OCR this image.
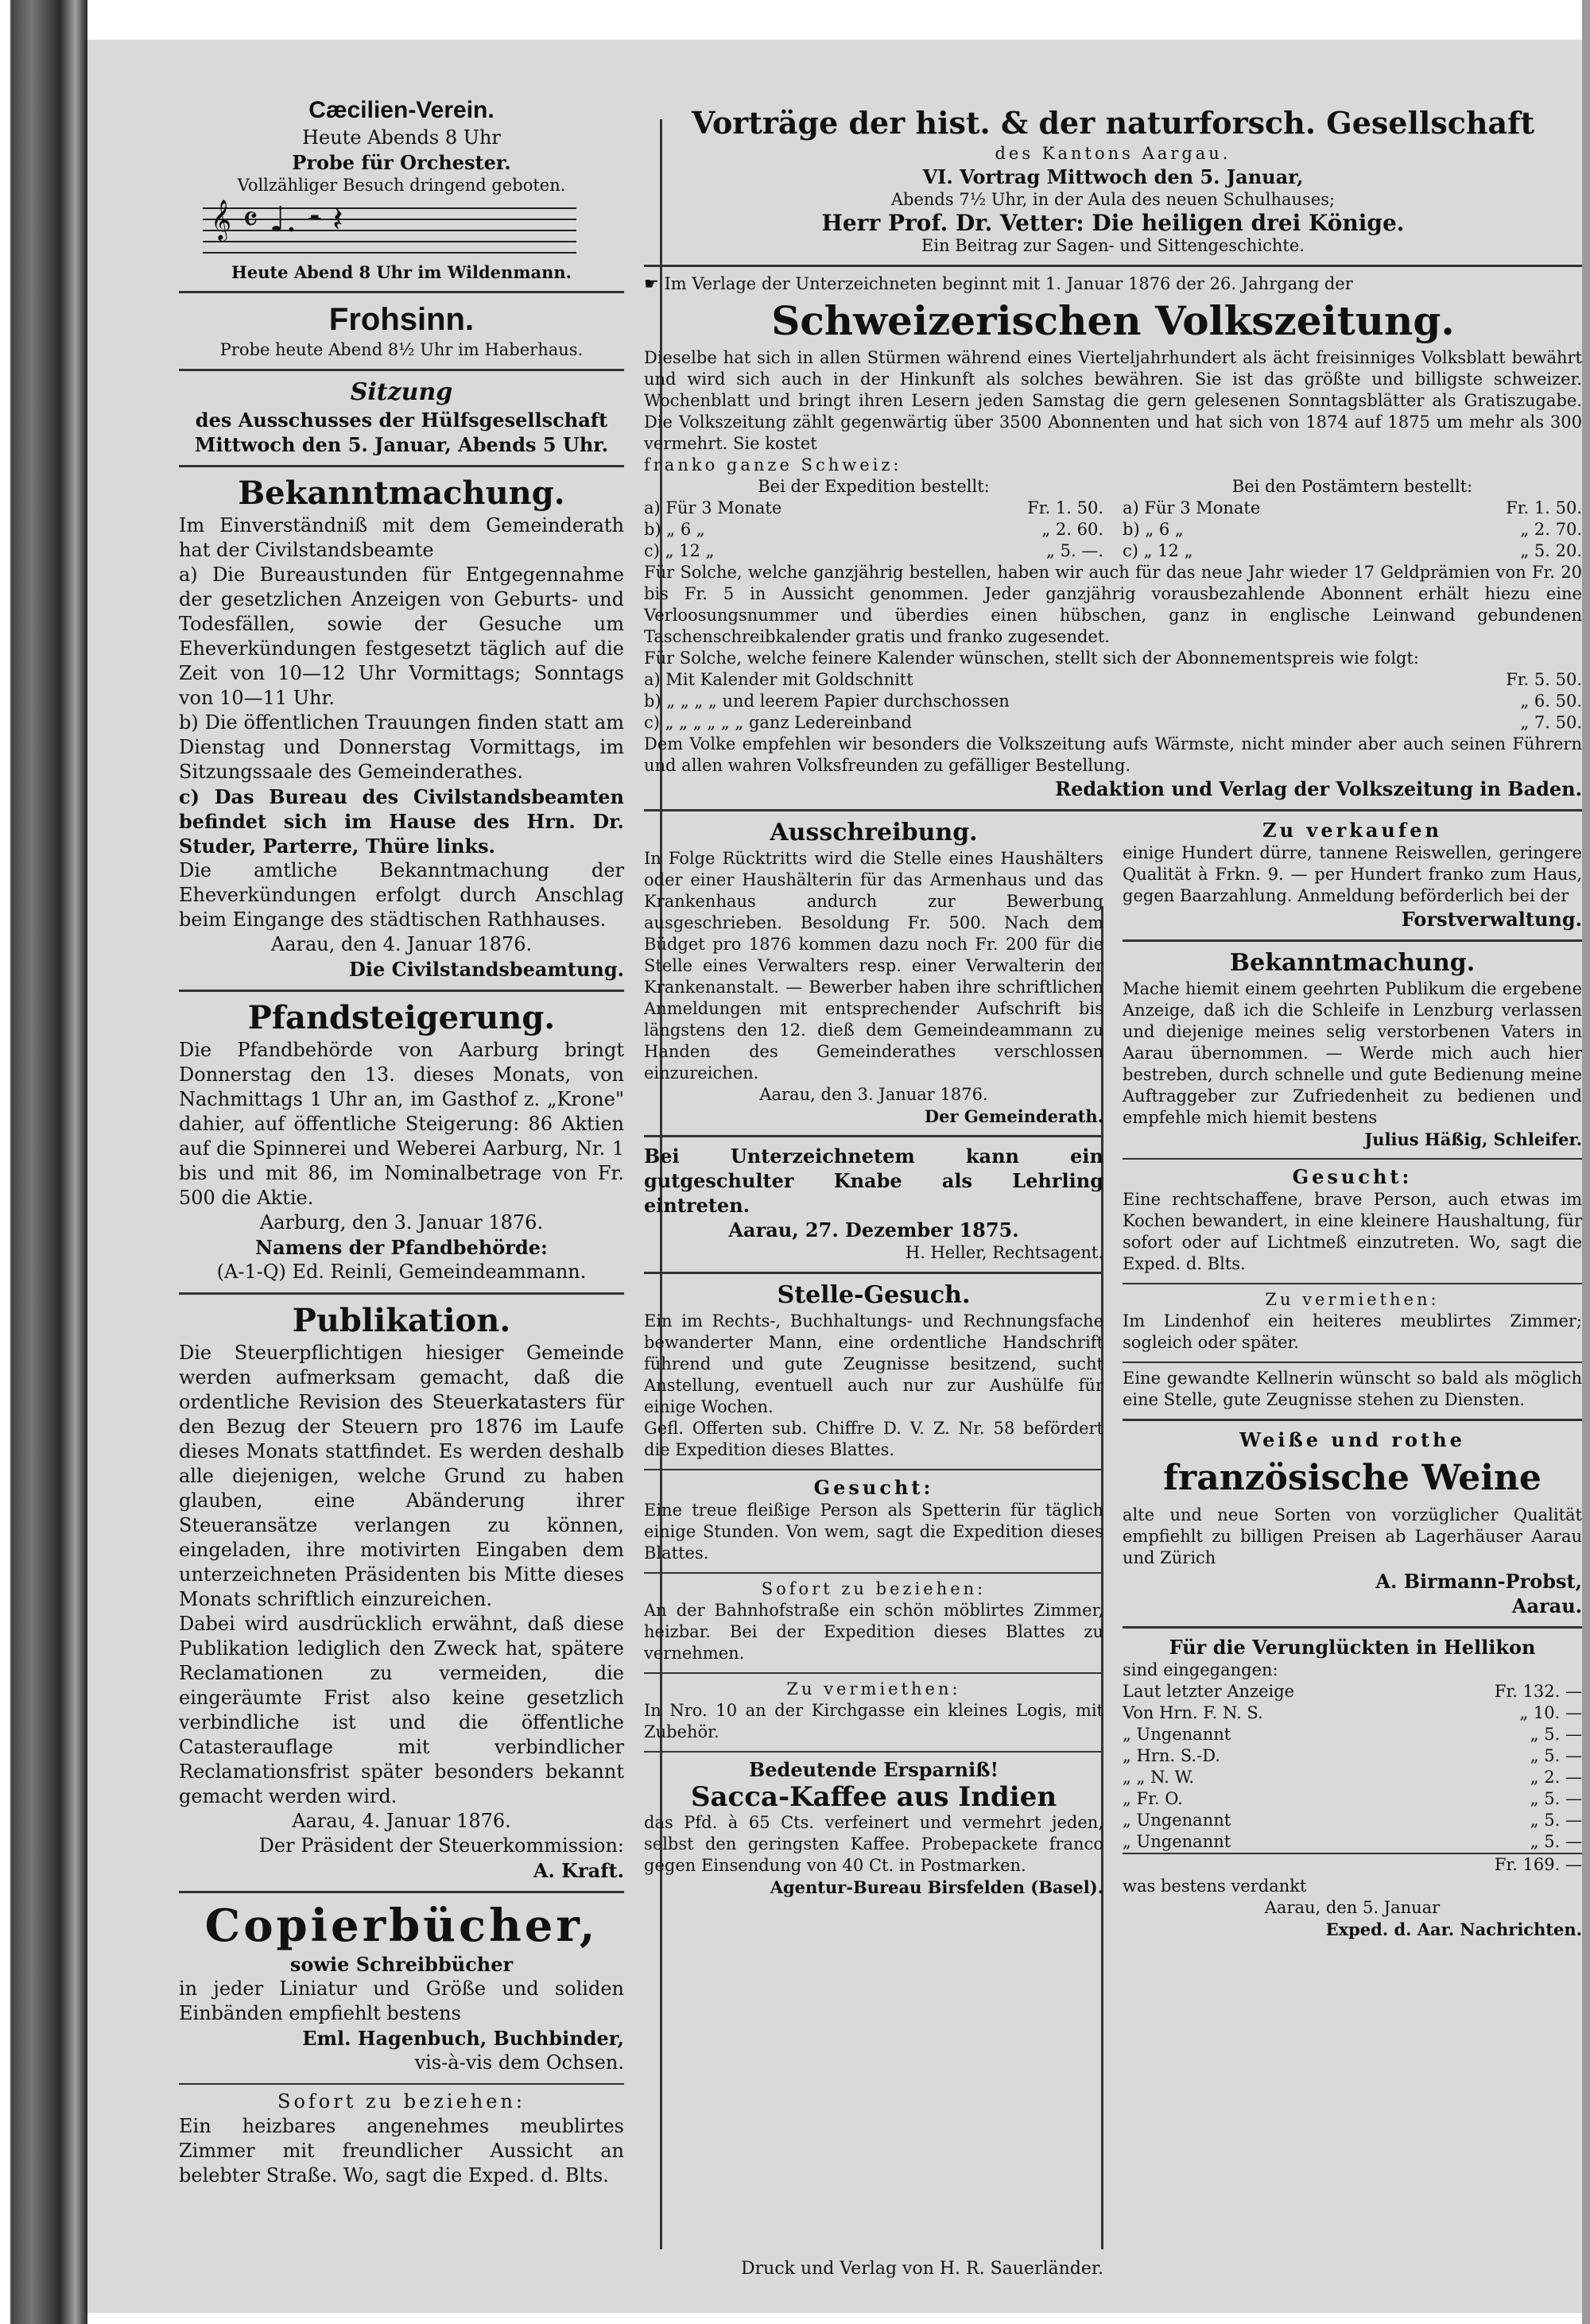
Cæcilien-Verein.
Heute Abends 8 Uhr
Probe für Orchester.
Vollzähliger Besuch dringend geboten.
𝄞 𝄴 ♩. 𝄼 𝄽
Heute Abend 8 Uhr im Wildenmann.
Frohsinn.
Probe heute Abend 8½ Uhr im Haberhaus.
Sitzung
des Ausschusses der Hülfsgesellschaft
Mittwoch den 5. Januar, Abends 5 Uhr.
Bekanntmachung.
Im Einverständniß mit dem Gemeinderath hat der Civilstandsbeamte
a) Die Bureaustunden für Entgegennahme der gesetzlichen Anzeigen von Geburts- und Todesfällen, sowie der Gesuche um Eheverkündungen festgesetzt täglich auf die Zeit von 10—12 Uhr Vormittags; Sonntags von 10—11 Uhr.
b) Die öffentlichen Trauungen finden statt am Dienstag und Donnerstag Vormittags, im Sitzungssaale des Gemeinderathes.
c) Das Bureau des Civilstandsbeamten befindet sich im Hause des Hrn. Dr. Studer, Parterre, Thüre links.
Die amtliche Bekanntmachung der Eheverkündungen erfolgt durch Anschlag beim Eingange des städtischen Rathhauses.
Aarau, den 4. Januar 1876.
Die Civilstandsbeamtung.
Pfandsteigerung.
Die Pfandbehörde von Aarburg bringt Donnerstag den 13. dieses Monats, von Nachmittags 1 Uhr an, im Gasthof z. „Krone" dahier, auf öffentliche Steigerung: 86 Aktien auf die Spinnerei und Weberei Aarburg, Nr. 1 bis und mit 86, im Nominalbetrage von Fr. 500 die Aktie.
Aarburg, den 3. Januar 1876.
Namens der Pfandbehörde:
(A-1-Q) Ed. Reinli, Gemeindeammann.
Publikation.
Die Steuerpflichtigen hiesiger Gemeinde werden aufmerksam gemacht, daß die ordentliche Revision des Steuerkatasters für den Bezug der Steuern pro 1876 im Laufe dieses Monats stattfindet. Es werden deshalb alle diejenigen, welche Grund zu haben glauben, eine Abänderung ihrer Steueransätze verlangen zu können, eingeladen, ihre motivirten Eingaben dem unterzeichneten Präsidenten bis Mitte dieses Monats schriftlich einzureichen.
Dabei wird ausdrücklich erwähnt, daß diese Publikation lediglich den Zweck hat, spätere Reclamationen zu vermeiden, die eingeräumte Frist also keine gesetzlich verbindliche ist und die öffentliche Catasterauflage mit verbindlicher Reclamationsfrist später besonders bekannt gemacht werden wird.
Aarau, 4. Januar 1876.
Der Präsident der Steuerkommission:
A. Kraft.
Copierbücher,
sowie Schreibbücher
in jeder Liniatur und Größe und soliden Einbänden empfiehlt bestens
Eml. Hagenbuch, Buchbinder,
vis-à-vis dem Ochsen.
Sofort zu beziehen:
Ein heizbares angenehmes meublirtes Zimmer mit freundlicher Aussicht an belebter Straße. Wo, sagt die Exped. d. Blts.
Vorträge der hist. & der naturforsch. Gesellschaft
des Kantons Aargau.
VI. Vortrag Mittwoch den 5. Januar,
Abends 7½ Uhr, in der Aula des neuen Schulhauses;
Herr Prof. Dr. Vetter: Die heiligen drei Könige.
Ein Beitrag zur Sagen- und Sittengeschichte.
☛ Im Verlage der Unterzeichneten beginnt mit 1. Januar 1876 der 26. Jahrgang der
Schweizerischen Volkszeitung.
Dieselbe hat sich in allen Stürmen während eines Vierteljahrhundert als ächt freisinniges Volksblatt bewährt und wird sich auch in der Hinkunft als solches bewähren. Sie ist das größte und billigste schweizer. Wochenblatt und bringt ihren Lesern jeden Samstag die gern gelesenen Sonntagsblätter als Gratiszugabe. Die Volkszeitung zählt gegenwärtig über 3500 Abonnenten und hat sich von 1874 auf 1875 um mehr als 300 vermehrt. Sie kostet
franko ganze Schweiz:
Bei der Expedition bestellt:
a) Für 3 Monate	Fr. 1. 50.
b) „ 6 „	„ 2. 60.
c) „ 12 „	„ 5. —.
Bei den Postämtern bestellt:
a) Für 3 Monate	Fr. 1. 50.
b) „ 6 „	„ 2. 70.
c) „ 12 „	„ 5. 20.
Für Solche, welche ganzjährig bestellen, haben wir auch für das neue Jahr wieder 17 Geldprämien von Fr. 20 bis Fr. 5 in Aussicht genommen. Jeder ganzjährig vorausbezahlende Abonnent erhält hiezu eine Verloosungsnummer und überdies einen hübschen, ganz in englische Leinwand gebundenen Taschenschreibkalender gratis und franko zugesendet.
Für Solche, welche feinere Kalender wünschen, stellt sich der Abonnementspreis wie folgt:
a) Mit Kalender mit Goldschnitt	Fr. 5. 50.
b) „ „ „ „ und leerem Papier durchschossen	„ 6. 50.
c) „ „ „ „ „ „ ganz Ledereinband	„ 7. 50.
Dem Volke empfehlen wir besonders die Volkszeitung aufs Wärmste, nicht minder aber auch seinen Führern und allen wahren Volksfreunden zu gefälliger Bestellung.
Redaktion und Verlag der Volkszeitung in Baden.
Ausschreibung.
In Folge Rücktritts wird die Stelle eines Haushälters oder einer Haushälterin für das Armenhaus und das Krankenhaus andurch zur Bewerbung ausgeschrieben. Besoldung Fr. 500. Nach dem Büdget pro 1876 kommen dazu noch Fr. 200 für die Stelle eines Verwalters resp. einer Verwalterin der Krankenanstalt. — Bewerber haben ihre schriftlichen Anmeldungen mit entsprechender Aufschrift bis längstens den 12. dieß dem Gemeindeammann zu Handen des Gemeinderathes verschlossen einzureichen.
Aarau, den 3. Januar 1876.
Der Gemeinderath.
Bei Unterzeichnetem kann ein gutgeschulter Knabe als Lehrling eintreten.
Aarau, 27. Dezember 1875.
H. Heller, Rechtsagent.
Stelle-Gesuch.
Ein im Rechts-, Buchhaltungs- und Rechnungsfache bewanderter Mann, eine ordentliche Handschrift führend und gute Zeugnisse besitzend, sucht Anstellung, eventuell auch nur zur Aushülfe für einige Wochen.
Gefl. Offerten sub. Chiffre D. V. Z. Nr. 58 befördert die Expedition dieses Blattes.
Gesucht:
Eine treue fleißige Person als Spetterin für täglich einige Stunden. Von wem, sagt die Expedition dieses Blattes.
Sofort zu beziehen:
An der Bahnhofstraße ein schön möblirtes Zimmer, heizbar. Bei der Expedition dieses Blattes zu vernehmen.
Zu vermiethen:
In Nro. 10 an der Kirchgasse ein kleines Logis, mit Zubehör.
Bedeutende Ersparniß!
Sacca-Kaffee aus Indien
das Pfd. à 65 Cts. verfeinert und vermehrt jeden, selbst den geringsten Kaffee. Probepackete franco gegen Einsendung von 40 Ct. in Postmarken.
Agentur-Bureau Birsfelden (Basel).
Zu verkaufen
einige Hundert dürre, tannene Reiswellen, geringere Qualität à Frkn. 9. — per Hundert franko zum Haus, gegen Baarzahlung. Anmeldung beförderlich bei der
Forstverwaltung.
Bekanntmachung.
Mache hiemit einem geehrten Publikum die ergebene Anzeige, daß ich die Schleife in Lenzburg verlassen und diejenige meines selig verstorbenen Vaters in Aarau übernommen. — Werde mich auch hier bestreben, durch schnelle und gute Bedienung meine Auftraggeber zur Zufriedenheit zu bedienen und empfehle mich hiemit bestens
Julius Häßig, Schleifer.
Gesucht:
Eine rechtschaffene, brave Person, auch etwas im Kochen bewandert, in eine kleinere Haushaltung, für sofort oder auf Lichtmeß einzutreten. Wo, sagt die Exped. d. Blts.
Zu vermiethen:
Im Lindenhof ein heiteres meublirtes Zimmer; sogleich oder später.
Eine gewandte Kellnerin wünscht so bald als möglich eine Stelle, gute Zeugnisse stehen zu Diensten.
Weiße und rothe
französische Weine
alte und neue Sorten von vorzüglicher Qualität empfiehlt zu billigen Preisen ab Lagerhäuser Aarau und Zürich
A. Birmann-Probst,
Aarau.
Für die Verunglückten in Hellikon
sind eingegangen:
Laut letzter Anzeige	Fr. 132. —
Von Hrn. F. N. S.	„ 10. —
„ Ungenannt	„ 5. —
„ Hrn. S.-D.	„ 5. —
„ „ N. W.	„ 2. —
„ Fr. O.	„ 5. —
„ Ungenannt	„ 5. —
„ Ungenannt	„ 5. —
Fr. 169. —
was bestens verdankt
Aarau, den 5. Januar
Exped. d. Aar. Nachrichten.
Druck und Verlag von H. R. Sauerländer.
